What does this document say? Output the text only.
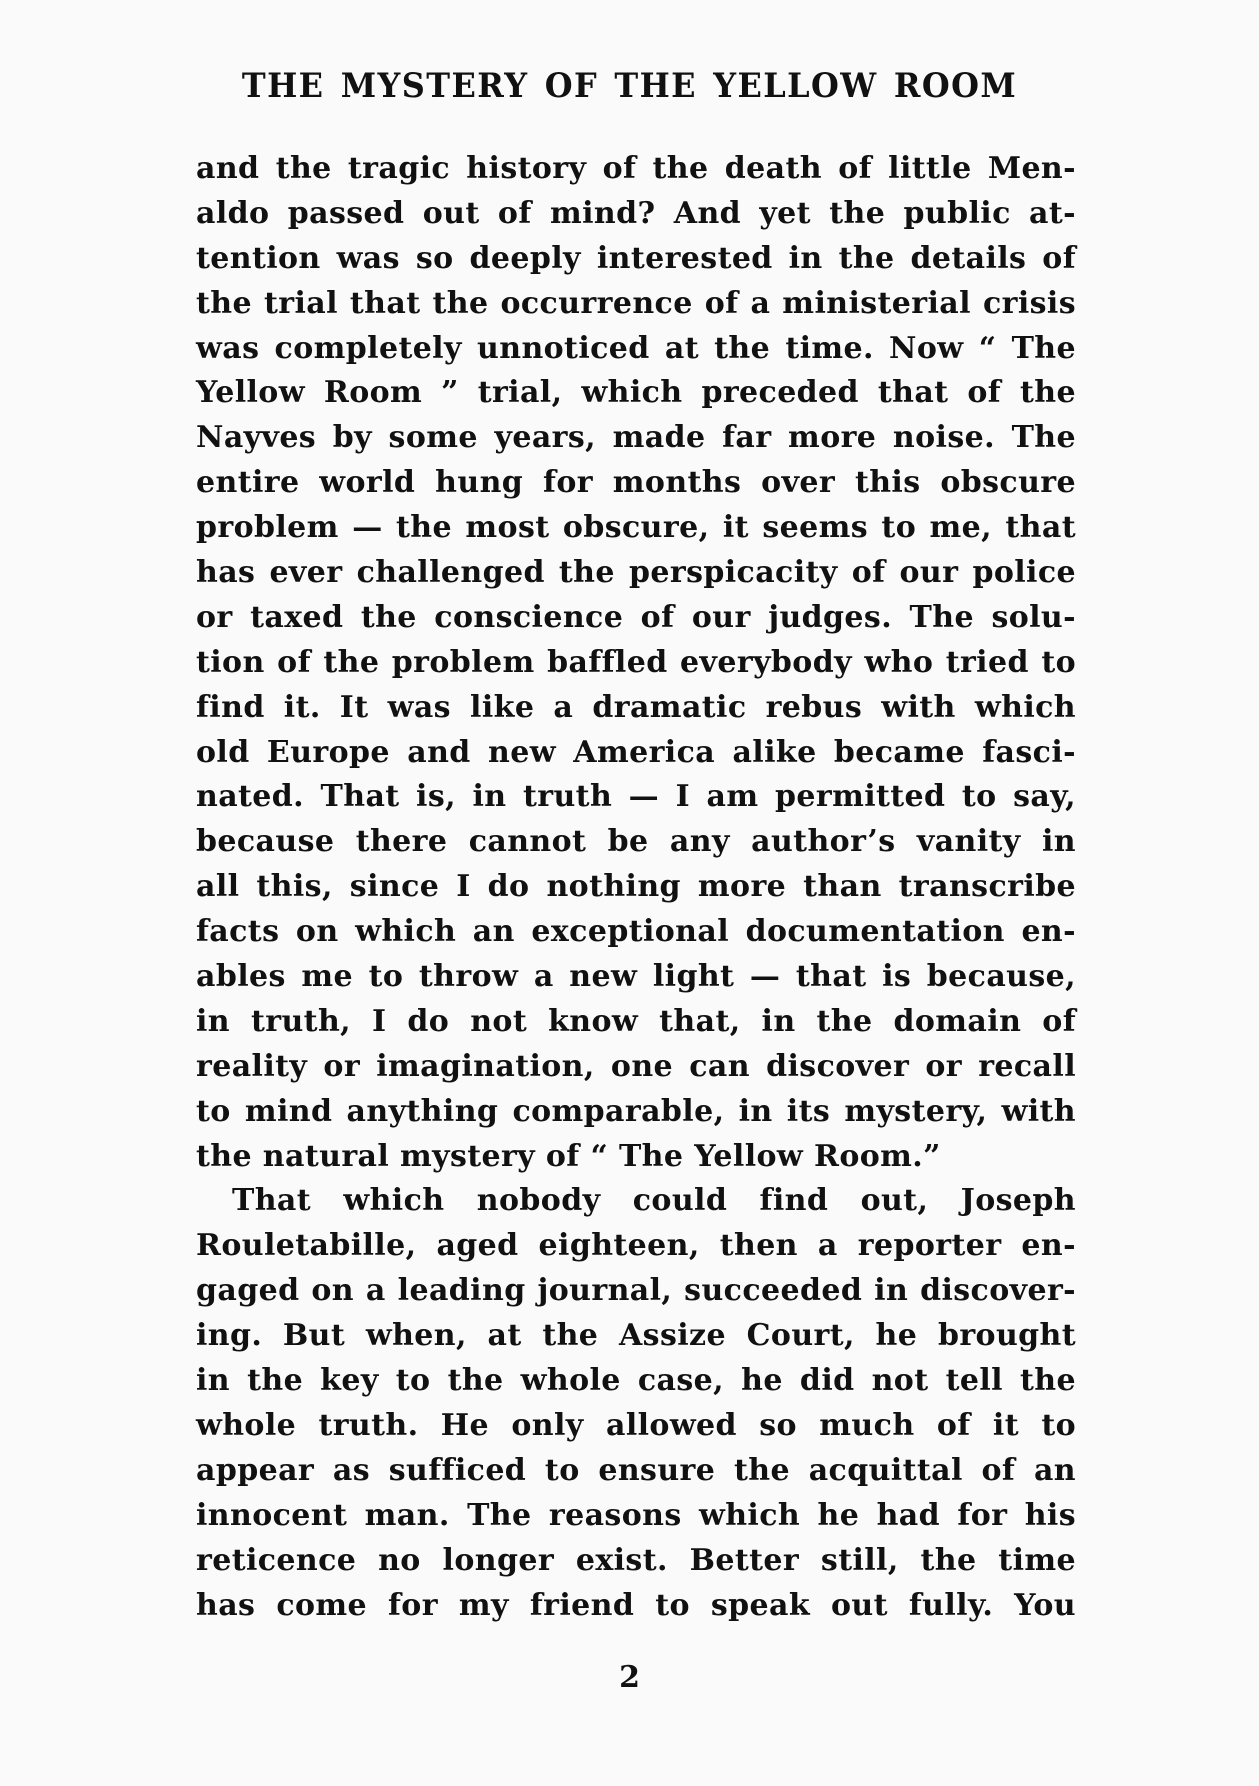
THE MYSTERY OF THE YELLOW ROOM
and the tragic history of the death of little Men-
aldo passed out of mind? And yet the public at-
tention was so deeply interested in the details of
the trial that the occurrence of a ministerial crisis
was completely unnoticed at the time. Now “ The
Yellow Room ” trial, which preceded that of the
Nayves by some years, made far more noise. The
entire world hung for months over this obscure
problem — the most obscure, it seems to me, that
has ever challenged the perspicacity of our police
or taxed the conscience of our judges. The solu-
tion of the problem baffled everybody who tried to
find it. It was like a dramatic rebus with which
old Europe and new America alike became fasci-
nated. That is, in truth — I am permitted to say,
because there cannot be any author’s vanity in
all this, since I do nothing more than transcribe
facts on which an exceptional documentation en-
ables me to throw a new light — that is because,
in truth, I do not know that, in the domain of
reality or imagination, one can discover or recall
to mind anything comparable, in its mystery, with
the natural mystery of “ The Yellow Room.”
That which nobody could find out, Joseph
Rouletabille, aged eighteen, then a reporter en-
gaged on a leading journal, succeeded in discover-
ing. But when, at the Assize Court, he brought
in the key to the whole case, he did not tell the
whole truth. He only allowed so much of it to
appear as sufficed to ensure the acquittal of an
innocent man. The reasons which he had for his
reticence no longer exist. Better still, the time
has come for my friend to speak out fully. You
2
